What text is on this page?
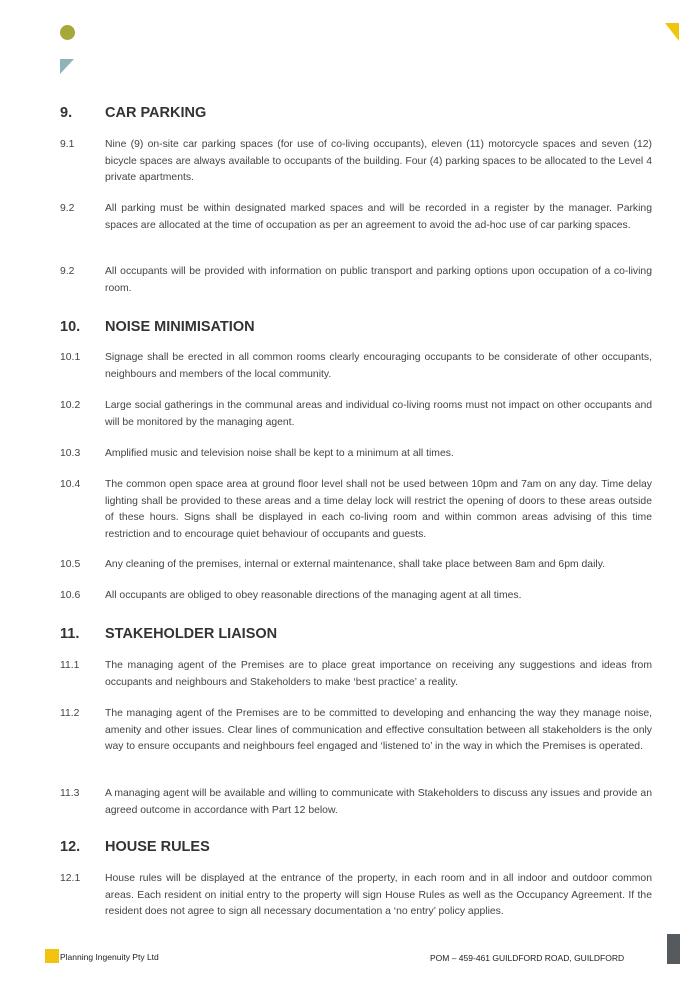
9. CAR PARKING
9.1	Nine (9) on-site car parking spaces (for use of co-living occupants), eleven (11) motorcycle spaces and seven (12) bicycle spaces are always available to occupants of the building. Four (4) parking spaces to be allocated to the Level 4 private apartments.
9.2	All parking must be within designated marked spaces and will be recorded in a register by the manager. Parking spaces are allocated at the time of occupation as per an agreement to avoid the ad-hoc use of car parking spaces.
9.2	All occupants will be provided with information on public transport and parking options upon occupation of a co-living room.
10. NOISE MINIMISATION
10.1 Signage shall be erected in all common rooms clearly encouraging occupants to be considerate of other occupants, neighbours and members of the local community.
10.2 Large social gatherings in the communal areas and individual co-living rooms must not impact on other occupants and will be monitored by the managing agent.
10.3 Amplified music and television noise shall be kept to a minimum at all times.
10.4 The common open space area at ground floor level shall not be used between 10pm and 7am on any day. Time delay lighting shall be provided to these areas and a time delay lock will restrict the opening of doors to these areas outside of these hours. Signs shall be displayed in each co-living room and within common areas advising of this time restriction and to encourage quiet behaviour of occupants and guests.
10.5 Any cleaning of the premises, internal or external maintenance, shall take place between 8am and 6pm daily.
10.6 All occupants are obliged to obey reasonable directions of the managing agent at all times.
11. STAKEHOLDER LIAISON
11.1 The managing agent of the Premises are to place great importance on receiving any suggestions and ideas from occupants and neighbours and Stakeholders to make ‘best practice’ a reality.
11.2 The managing agent of the Premises are to be committed to developing and enhancing the way they manage noise, amenity and other issues. Clear lines of communication and effective consultation between all stakeholders is the only way to ensure occupants and neighbours feel engaged and ‘listened to’ in the way in which the Premises is operated.
11.3 A managing agent will be available and willing to communicate with Stakeholders to discuss any issues and provide an agreed outcome in accordance with Part 12 below.
12. HOUSE RULES
12.1 House rules will be displayed at the entrance of the property, in each room and in all indoor and outdoor common areas. Each resident on initial entry to the property will sign House Rules as well as the Occupancy Agreement. If the resident does not agree to sign all necessary documentation a ‘no entry’ policy applies.
Planning Ingenuity Pty Ltd	POM – 459-461 GUILDFORD ROAD, GUILDFORD
